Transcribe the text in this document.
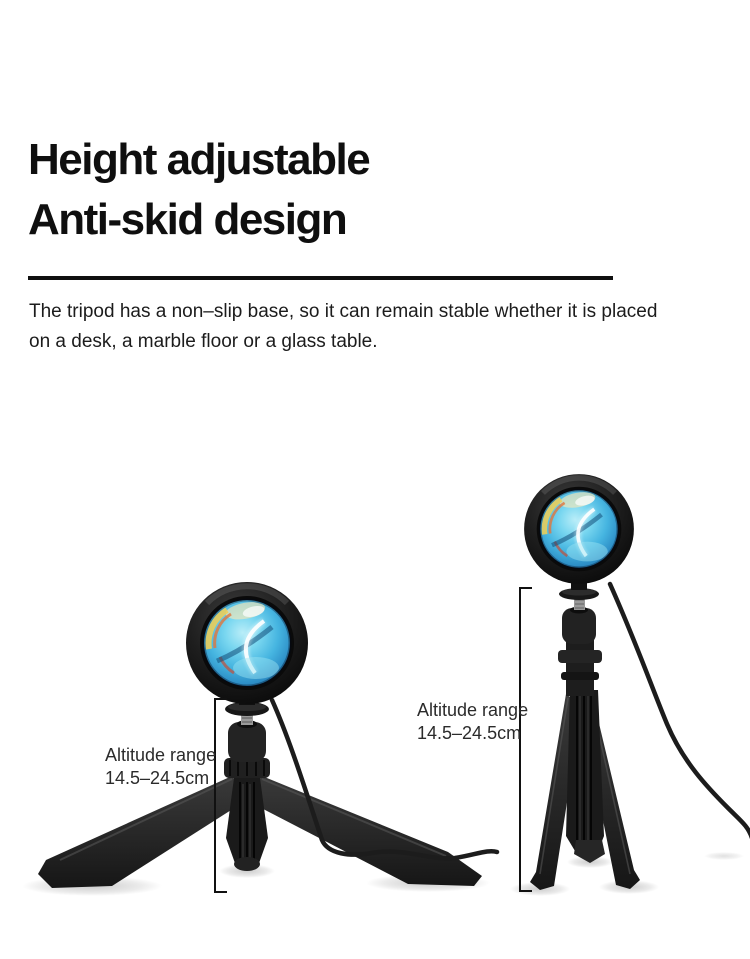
Height adjustable
Anti-skid design

The tripod has a non–slip base, so it can remain stable whether it is placed
on a desk, a marble floor or a glass table.

Altitude range
14.5–24.5cm
Altitude range
14.5–24.5cm
